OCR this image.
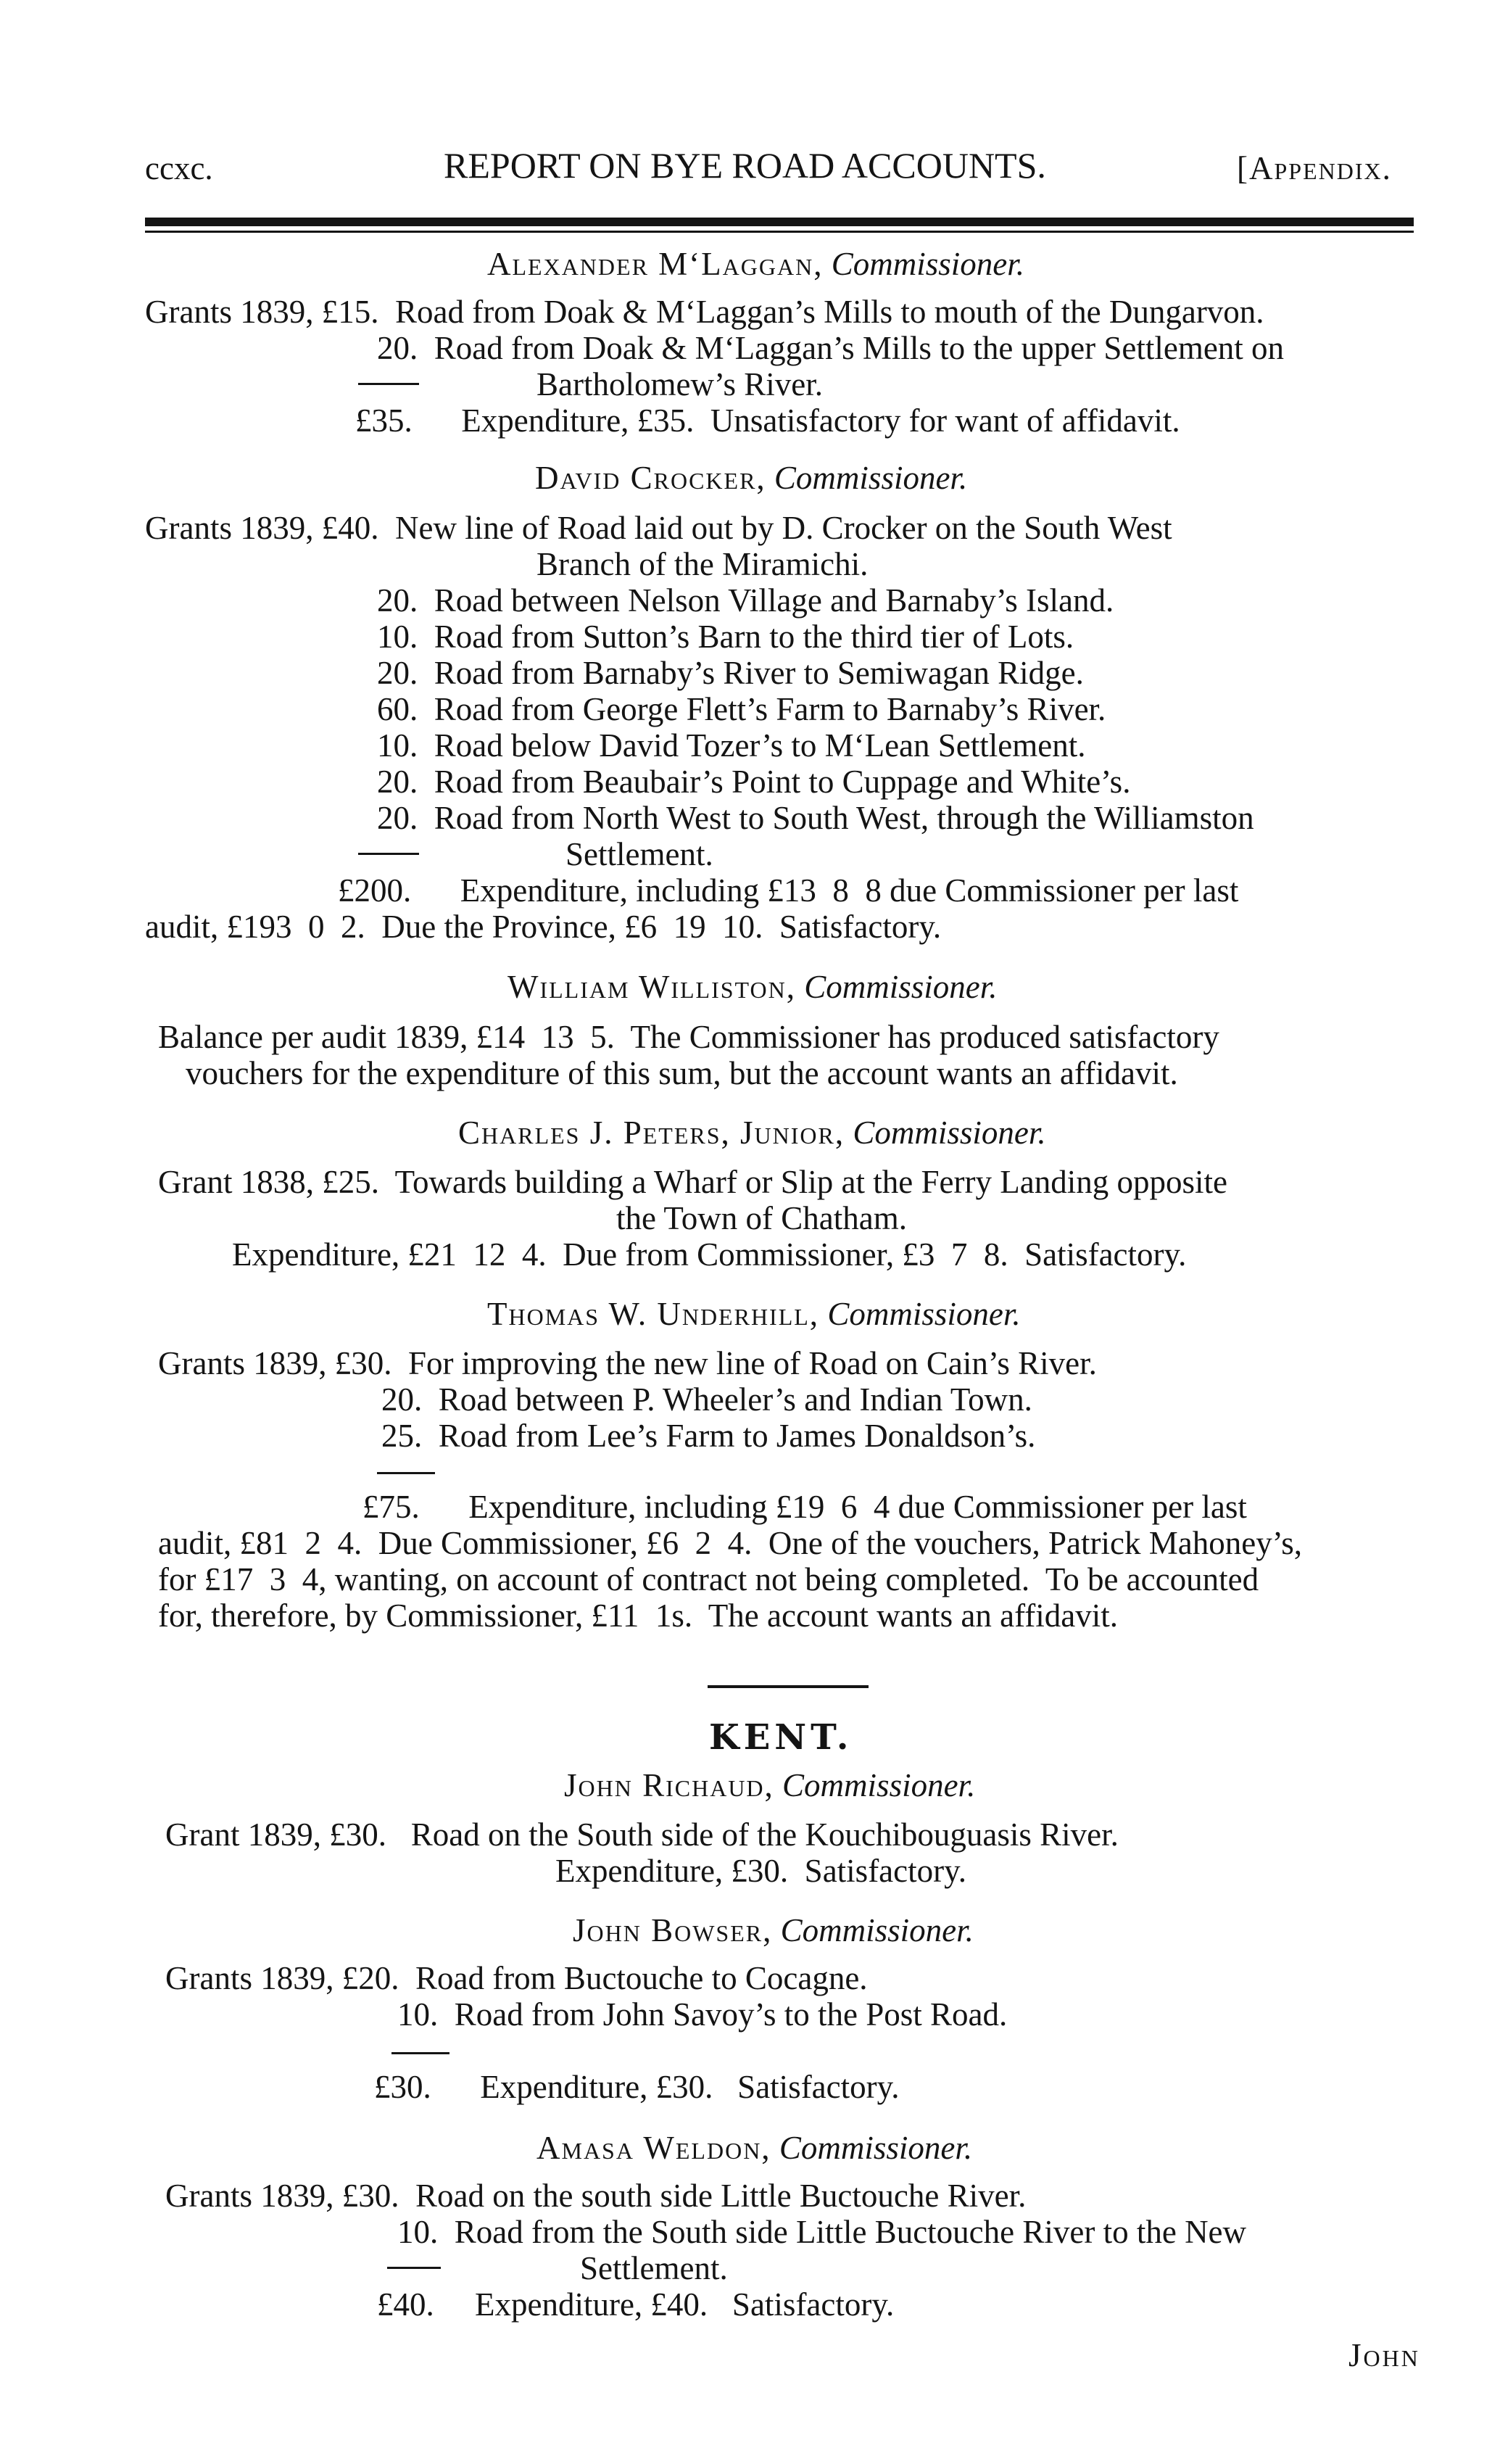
ccxc.	REPORT ON BYE ROAD ACCOUNTS.	[Appendix.
Alexander M‘Laggan, Commissioner.
Grants 1839, £15.  Road from Doak & M‘Laggan’s Mills to mouth of the Dungarvon.
20.  Road from Doak & M‘Laggan’s Mills to the upper Settlement on
Bartholomew’s River.
£35.      Expenditure, £35.  Unsatisfactory for want of affidavit.
David Crocker, Commissioner.
Grants 1839, £40.  New line of Road laid out by D. Crocker on the South West
Branch of the Miramichi.
20.  Road between Nelson Village and Barnaby’s Island.
10.  Road from Sutton’s Barn to the third tier of Lots.
20.  Road from Barnaby’s River to Semiwagan Ridge.
60.  Road from George Flett’s Farm to Barnaby’s River.
10.  Road below David Tozer’s to M‘Lean Settlement.
20.  Road from Beaubair’s Point to Cuppage and White’s.
20.  Road from North West to South West, through the Williamston
Settlement.
£200.      Expenditure, including £13  8  8 due Commissioner per last
audit, £193  0  2.  Due the Province, £6  19  10.  Satisfactory.
William Williston, Commissioner.
Balance per audit 1839, £14  13  5.  The Commissioner has produced satisfactory
vouchers for the expenditure of this sum, but the account wants an affidavit.
Charles J. Peters, Junior, Commissioner.
Grant 1838, £25.  Towards building a Wharf or Slip at the Ferry Landing opposite
the Town of Chatham.
Expenditure, £21  12  4.  Due from Commissioner, £3  7  8.  Satisfactory.
Thomas W. Underhill, Commissioner.
Grants 1839, £30.  For improving the new line of Road on Cain’s River.
20.  Road between P. Wheeler’s and Indian Town.
25.  Road from Lee’s Farm to James Donaldson’s.
£75.      Expenditure, including £19  6  4 due Commissioner per last
audit, £81  2  4.  Due Commissioner, £6  2  4.  One of the vouchers, Patrick Mahoney’s,
for £17  3  4, wanting, on account of contract not being completed.  To be accounted
for, therefore, by Commissioner, £11  1s.  The account wants an affidavit.
KENT.
John Richaud, Commissioner.
Grant 1839, £30.   Road on the South side of the Kouchibouguasis River.
Expenditure, £30.  Satisfactory.
John Bowser, Commissioner.
Grants 1839, £20.  Road from Buctouche to Cocagne.
10.  Road from John Savoy’s to the Post Road.
£30.      Expenditure, £30.   Satisfactory.
Amasa Weldon, Commissioner.
Grants 1839, £30.  Road on the south side Little Buctouche River.
10.  Road from the South side Little Buctouche River to the New
Settlement.
£40.     Expenditure, £40.   Satisfactory.
John
